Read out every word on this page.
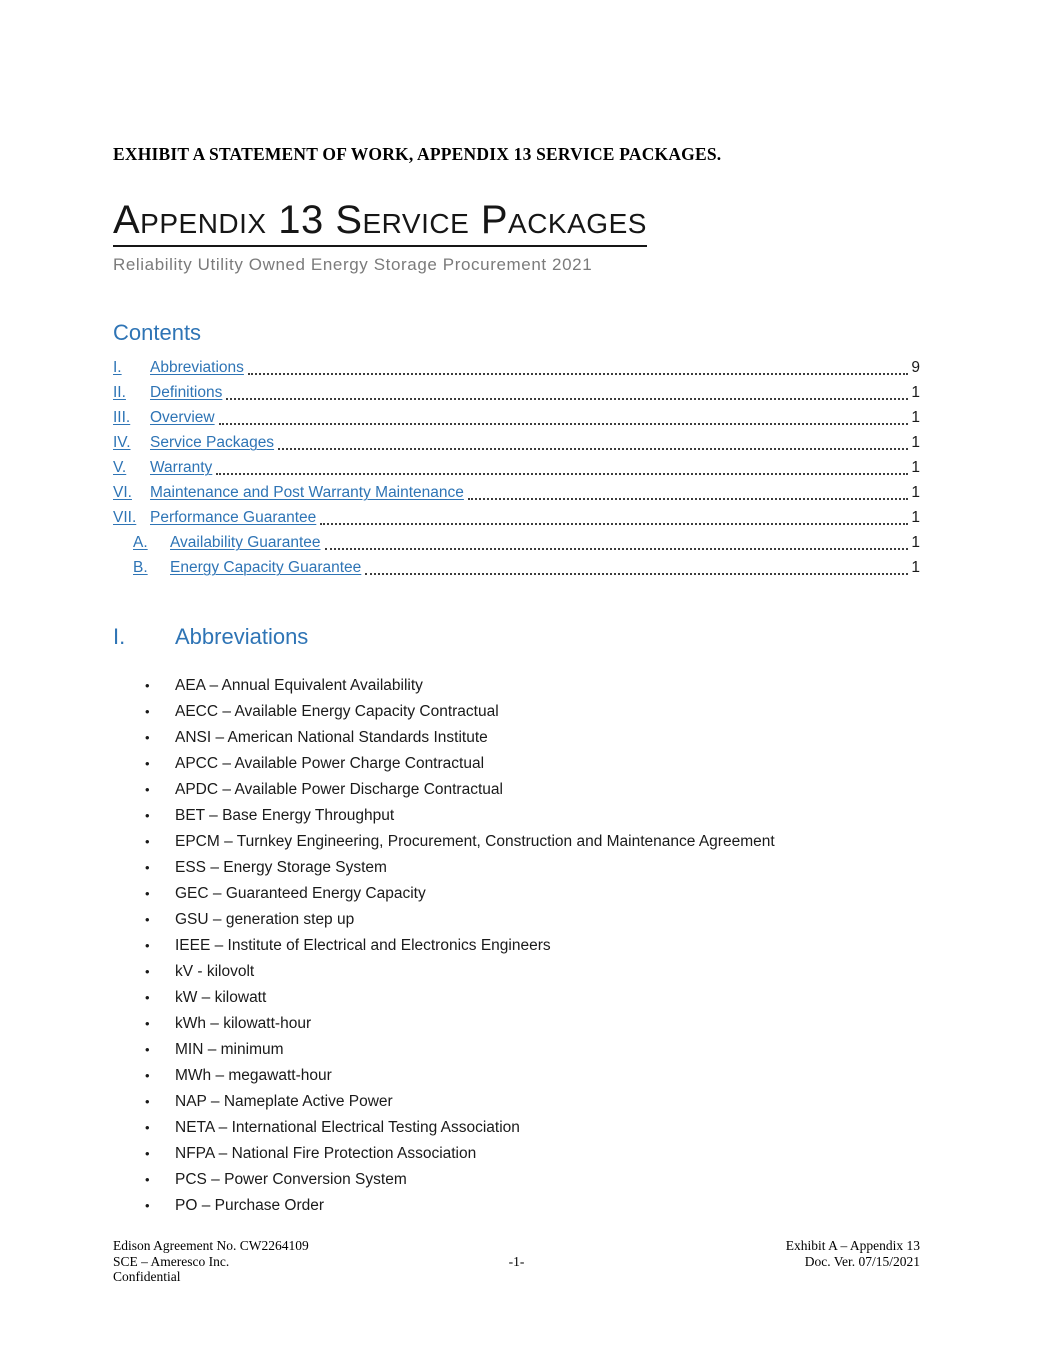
EXHIBIT A STATEMENT OF WORK, APPENDIX 13 SERVICE PACKAGES.
Appendix 13 Service Packages
Reliability Utility Owned Energy Storage Procurement 2021
Contents
I.	Abbreviations	9
II.	Definitions	1
III.	Overview	1
IV.	Service Packages	1
V.	Warranty	1
VI.	Maintenance and Post Warranty Maintenance	1
VII. Performance Guarantee	1
A.	Availability Guarantee	1
B.	Energy Capacity Guarantee	1
I. Abbreviations
•	AEA – Annual Equivalent Availability
•	AECC – Available Energy Capacity Contractual
•	ANSI – American National Standards Institute
•	APCC – Available Power Charge Contractual
•	APDC – Available Power Discharge Contractual
•	BET – Base Energy Throughput
•	EPCM – Turnkey Engineering, Procurement, Construction and Maintenance Agreement
•	ESS – Energy Storage System
•	GEC – Guaranteed Energy Capacity
•	GSU – generation step up
•	IEEE – Institute of Electrical and Electronics Engineers
•	kV - kilovolt
•	kW – kilowatt
•	kWh – kilowatt-hour
•	MIN – minimum
•	MWh – megawatt-hour
•	NAP – Nameplate Active Power
•	NETA – International Electrical Testing Association
•	NFPA – National Fire Protection Association
•	PCS – Power Conversion System
•	PO – Purchase Order
Edison Agreement No. CW2264109
SCE – Ameresco Inc.
Confidential
-1-
Exhibit A – Appendix 13
Doc. Ver. 07/15/2021
